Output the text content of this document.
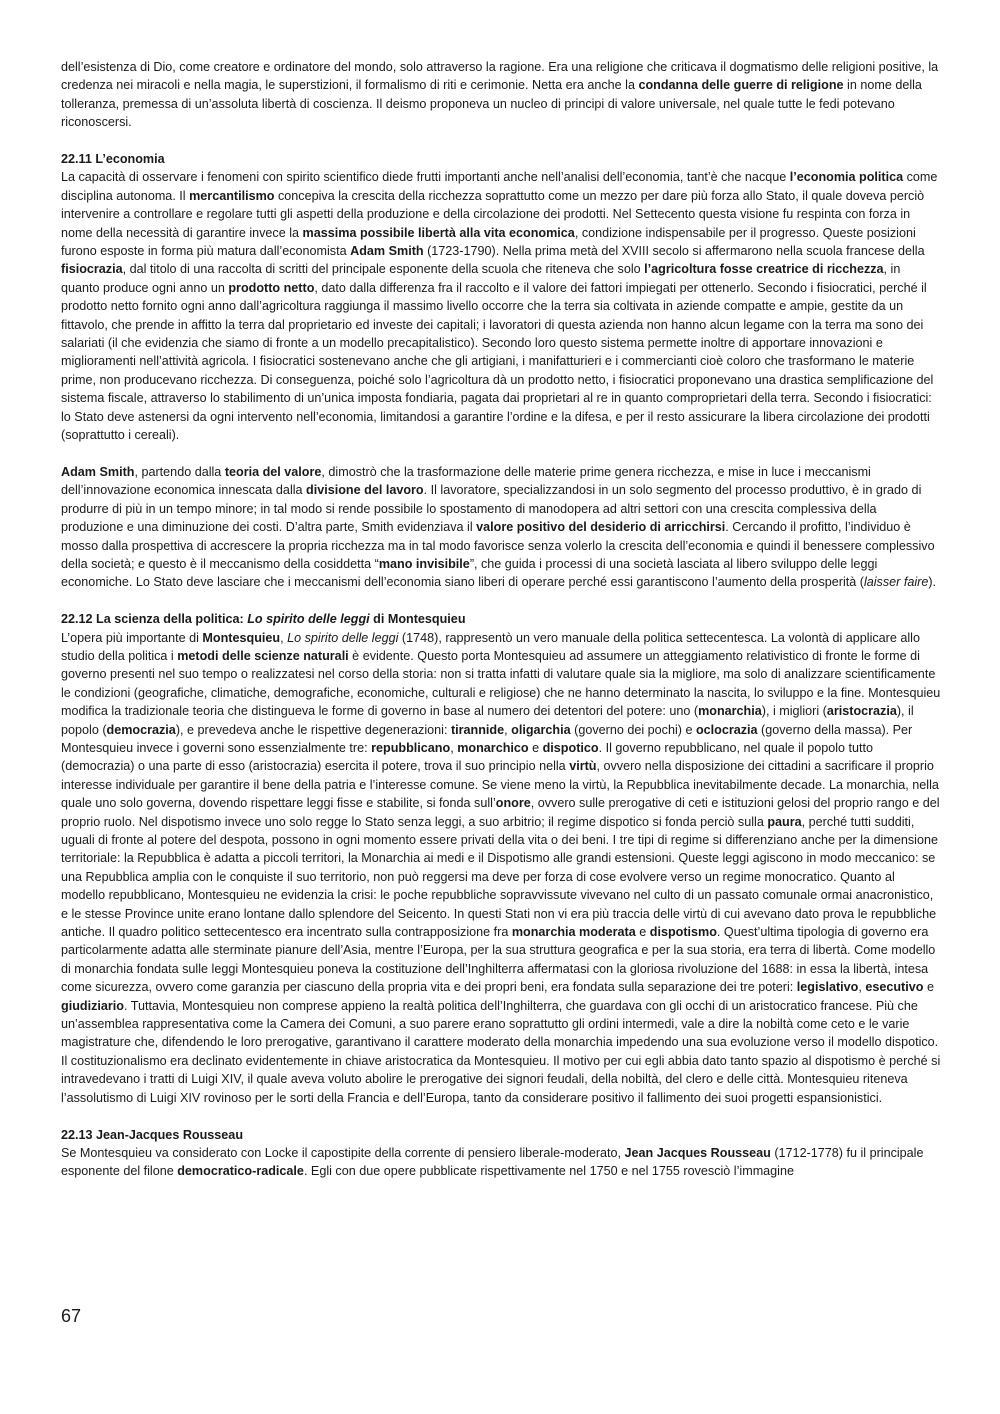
dell’esistenza di Dio, come creatore e ordinatore del mondo, solo attraverso la ragione. Era una religione che criticava il dogmatismo delle religioni positive, la credenza nei miracoli e nella magia, le superstizioni, il formalismo di riti e cerimonie. Netta era anche la condanna delle guerre di religione in nome della tolleranza, premessa di un’assoluta libertà di coscienza. Il deismo proponeva un nucleo di principi di valore universale, nel quale tutte le fedi potevano riconoscersi.

22.11 L’economia

La capacità di osservare i fenomeni con spirito scientifico diede frutti importanti anche nell’analisi dell’economia, tant’è che nacque l’economia politica come disciplina autonoma. Il mercantilismo concepiva la crescita della ricchezza soprattutto come un mezzo per dare più forza allo Stato, il quale doveva perciò intervenire a controllare e regolare tutti gli aspetti della produzione e della circolazione dei prodotti. Nel Settecento questa visione fu respinta con forza in nome della necessità di garantire invece la massima possibile libertà alla vita economica, condizione indispensabile per il progresso. Queste posizioni furono esposte in forma più matura dall’economista Adam Smith (1723-1790). Nella prima metà del XVIII secolo si affermarono nella scuola francese della fisiocrazia, dal titolo di una raccolta di scritti del principale esponente della scuola che riteneva che solo l’agricoltura fosse creatrice di ricchezza, in quanto produce ogni anno un prodotto netto, dato dalla differenza fra il raccolto e il valore dei fattori impiegati per ottenerlo. Secondo i fisiocratici, perché il prodotto netto fornito ogni anno dall’agricoltura raggiunga il massimo livello occorre che la terra sia coltivata in aziende compatte e ampie, gestite da un fittavolo, che prende in affitto la terra dal proprietario ed investe dei capitali; i lavoratori di questa azienda non hanno alcun legame con la terra ma sono dei salariati (il che evidenzia che siamo di fronte a un modello precapitalistico). Secondo loro questo sistema permette inoltre di apportare innovazioni e miglioramenti nell’attività agricola. I fisiocratici sostenevano anche che gli artigiani, i manifatturieri e i commercianti cioè coloro che trasformano le materie prime, non producevano ricchezza. Di conseguenza, poiché solo l’agricoltura dà un prodotto netto, i fisiocratici proponevano una drastica semplificazione del sistema fiscale, attraverso lo stabilimento di un’unica imposta fondiaria, pagata dai proprietari al re in quanto comproprietari della terra. Secondo i fisiocratici: lo Stato deve astenersi da ogni intervento nell’economia, limitandosi a garantire l’ordine e la difesa, e per il resto assicurare la libera circolazione dei prodotti (soprattutto i cereali).

Adam Smith, partendo dalla teoria del valore, dimostrò che la trasformazione delle materie prime genera ricchezza, e mise in luce i meccanismi dell’innovazione economica innescata dalla divisione del lavoro. Il lavoratore, specializzandosi in un solo segmento del processo produttivo, è in grado di produrre di più in un tempo minore; in tal modo si rende possibile lo spostamento di manodopera ad altri settori con una crescita complessiva della produzione e una diminuzione dei costi. D’altra parte, Smith evidenziava il valore positivo del desiderio di arricchirsi. Cercando il profitto, l’individuo è mosso dalla prospettiva di accrescere la propria ricchezza ma in tal modo favorisce senza volerlo la crescita dell’economia e quindi il benessere complessivo della società; e questo è il meccanismo della cosiddetta “mano invisibile”, che guida i processi di una società lasciata al libero sviluppo delle leggi economiche. Lo Stato deve lasciare che i meccanismi dell’economia siano liberi di operare perché essi garantiscono l’aumento della prosperità (laisser faire).

22.12 La scienza della politica: Lo spirito delle leggi di Montesquieu

L’opera più importante di Montesquieu, Lo spirito delle leggi (1748), rappresentò un vero manuale della politica settecentesca. La volontà di applicare allo studio della politica i metodi delle scienze naturali è evidente. Questo porta Montesquieu ad assumere un atteggiamento relativistico di fronte le forme di governo presenti nel suo tempo o realizzatesi nel corso della storia: non si tratta infatti di valutare quale sia la migliore, ma solo di analizzare scientificamente le condizioni (geografiche, climatiche, demografiche, economiche, culturali e religiose) che ne hanno determinato la nascita, lo sviluppo e la fine. Montesquieu modifica la tradizionale teoria che distingueva le forme di governo in base al numero dei detentori del potere: uno (monarchia), i migliori (aristocrazia), il popolo (democrazia), e prevedeva anche le rispettive degenerazioni: tirannide, oligarchia (governo dei pochi) e oclocrazia (governo della massa). Per Montesquieu invece i governi sono essenzialmente tre: repubblicano, monarchico e dispotico. Il governo repubblicano, nel quale il popolo tutto (democrazia) o una parte di esso (aristocrazia) esercita il potere, trova il suo principio nella virtù, ovvero nella disposizione dei cittadini a sacrificare il proprio interesse individuale per garantire il bene della patria e l’interesse comune. Se viene meno la virtù, la Repubblica inevitabilmente decade. La monarchia, nella quale uno solo governa, dovendo rispettare leggi fisse e stabilite, si fonda sull’onore, ovvero sulle prerogative di ceti e istituzioni gelosi del proprio rango e del proprio ruolo. Nel dispotismo invece uno solo regge lo Stato senza leggi, a suo arbitrio; il regime dispotico si fonda perciò sulla paura, perché tutti sudditi, uguali di fronte al potere del despota, possono in ogni momento essere privati della vita o dei beni. I tre tipi di regime si differenziano anche per la dimensione territoriale: la Repubblica è adatta a piccoli territori, la Monarchia ai medi e il Dispotismo alle grandi estensioni. Queste leggi agiscono in modo meccanico: se una Repubblica amplia con le conquiste il suo territorio, non può reggersi ma deve per forza di cose evolvere verso un regime monocratico. Quanto al modello repubblicano, Montesquieu ne evidenzia la crisi: le poche repubbliche sopravvissute vivevano nel culto di un passato comunale ormai anacronistico, e le stesse Province unite erano lontane dallo splendore del Seicento. In questi Stati non vi era più traccia delle virtù di cui avevano dato prova le repubbliche antiche. Il quadro politico settecentesco era incentrato sulla contrapposizione fra monarchia moderata e dispotismo. Quest’ultima tipologia di governo era particolarmente adatta alle sterminate pianure dell’Asia, mentre l’Europa, per la sua struttura geografica e per la sua storia, era terra di libertà. Come modello di monarchia fondata sulle leggi Montesquieu poneva la costituzione dell’Inghilterra affermatasi con la gloriosa rivoluzione del 1688: in essa la libertà, intesa come sicurezza, ovvero come garanzia per ciascuno della propria vita e dei propri beni, era fondata sulla separazione dei tre poteri: legislativo, esecutivo e giudiziario. Tuttavia, Montesquieu non comprese appieno la realtà politica dell’Inghilterra, che guardava con gli occhi di un aristocratico francese. Più che un’assemblea rappresentativa come la Camera dei Comuni, a suo parere erano soprattutto gli ordini intermedi, vale a dire la nobiltà come ceto e le varie magistrature che, difendendo le loro prerogative, garantivano il carattere moderato della monarchia impedendo una sua evoluzione verso il modello dispotico. Il costituzionalismo era declinato evidentemente in chiave aristocratica da Montesquieu. Il motivo per cui egli abbia dato tanto spazio al dispotismo è perché si intravedevano i tratti di Luigi XIV, il quale aveva voluto abolire le prerogative dei signori feudali, della nobiltà, del clero e delle città. Montesquieu riteneva l’assolutismo di Luigi XIV rovinoso per le sorti della Francia e dell’Europa, tanto da considerare positivo il fallimento dei suoi progetti espansionistici.

22.13 Jean-Jacques Rousseau

Se Montesquieu va considerato con Locke il capostipite della corrente di pensiero liberale-moderato, Jean Jacques Rousseau (1712-1778) fu il principale esponente del filone democratico-radicale. Egli con due opere pubblicate rispettivamente nel 1750 e nel 1755 rovesciò l’immagine

67
